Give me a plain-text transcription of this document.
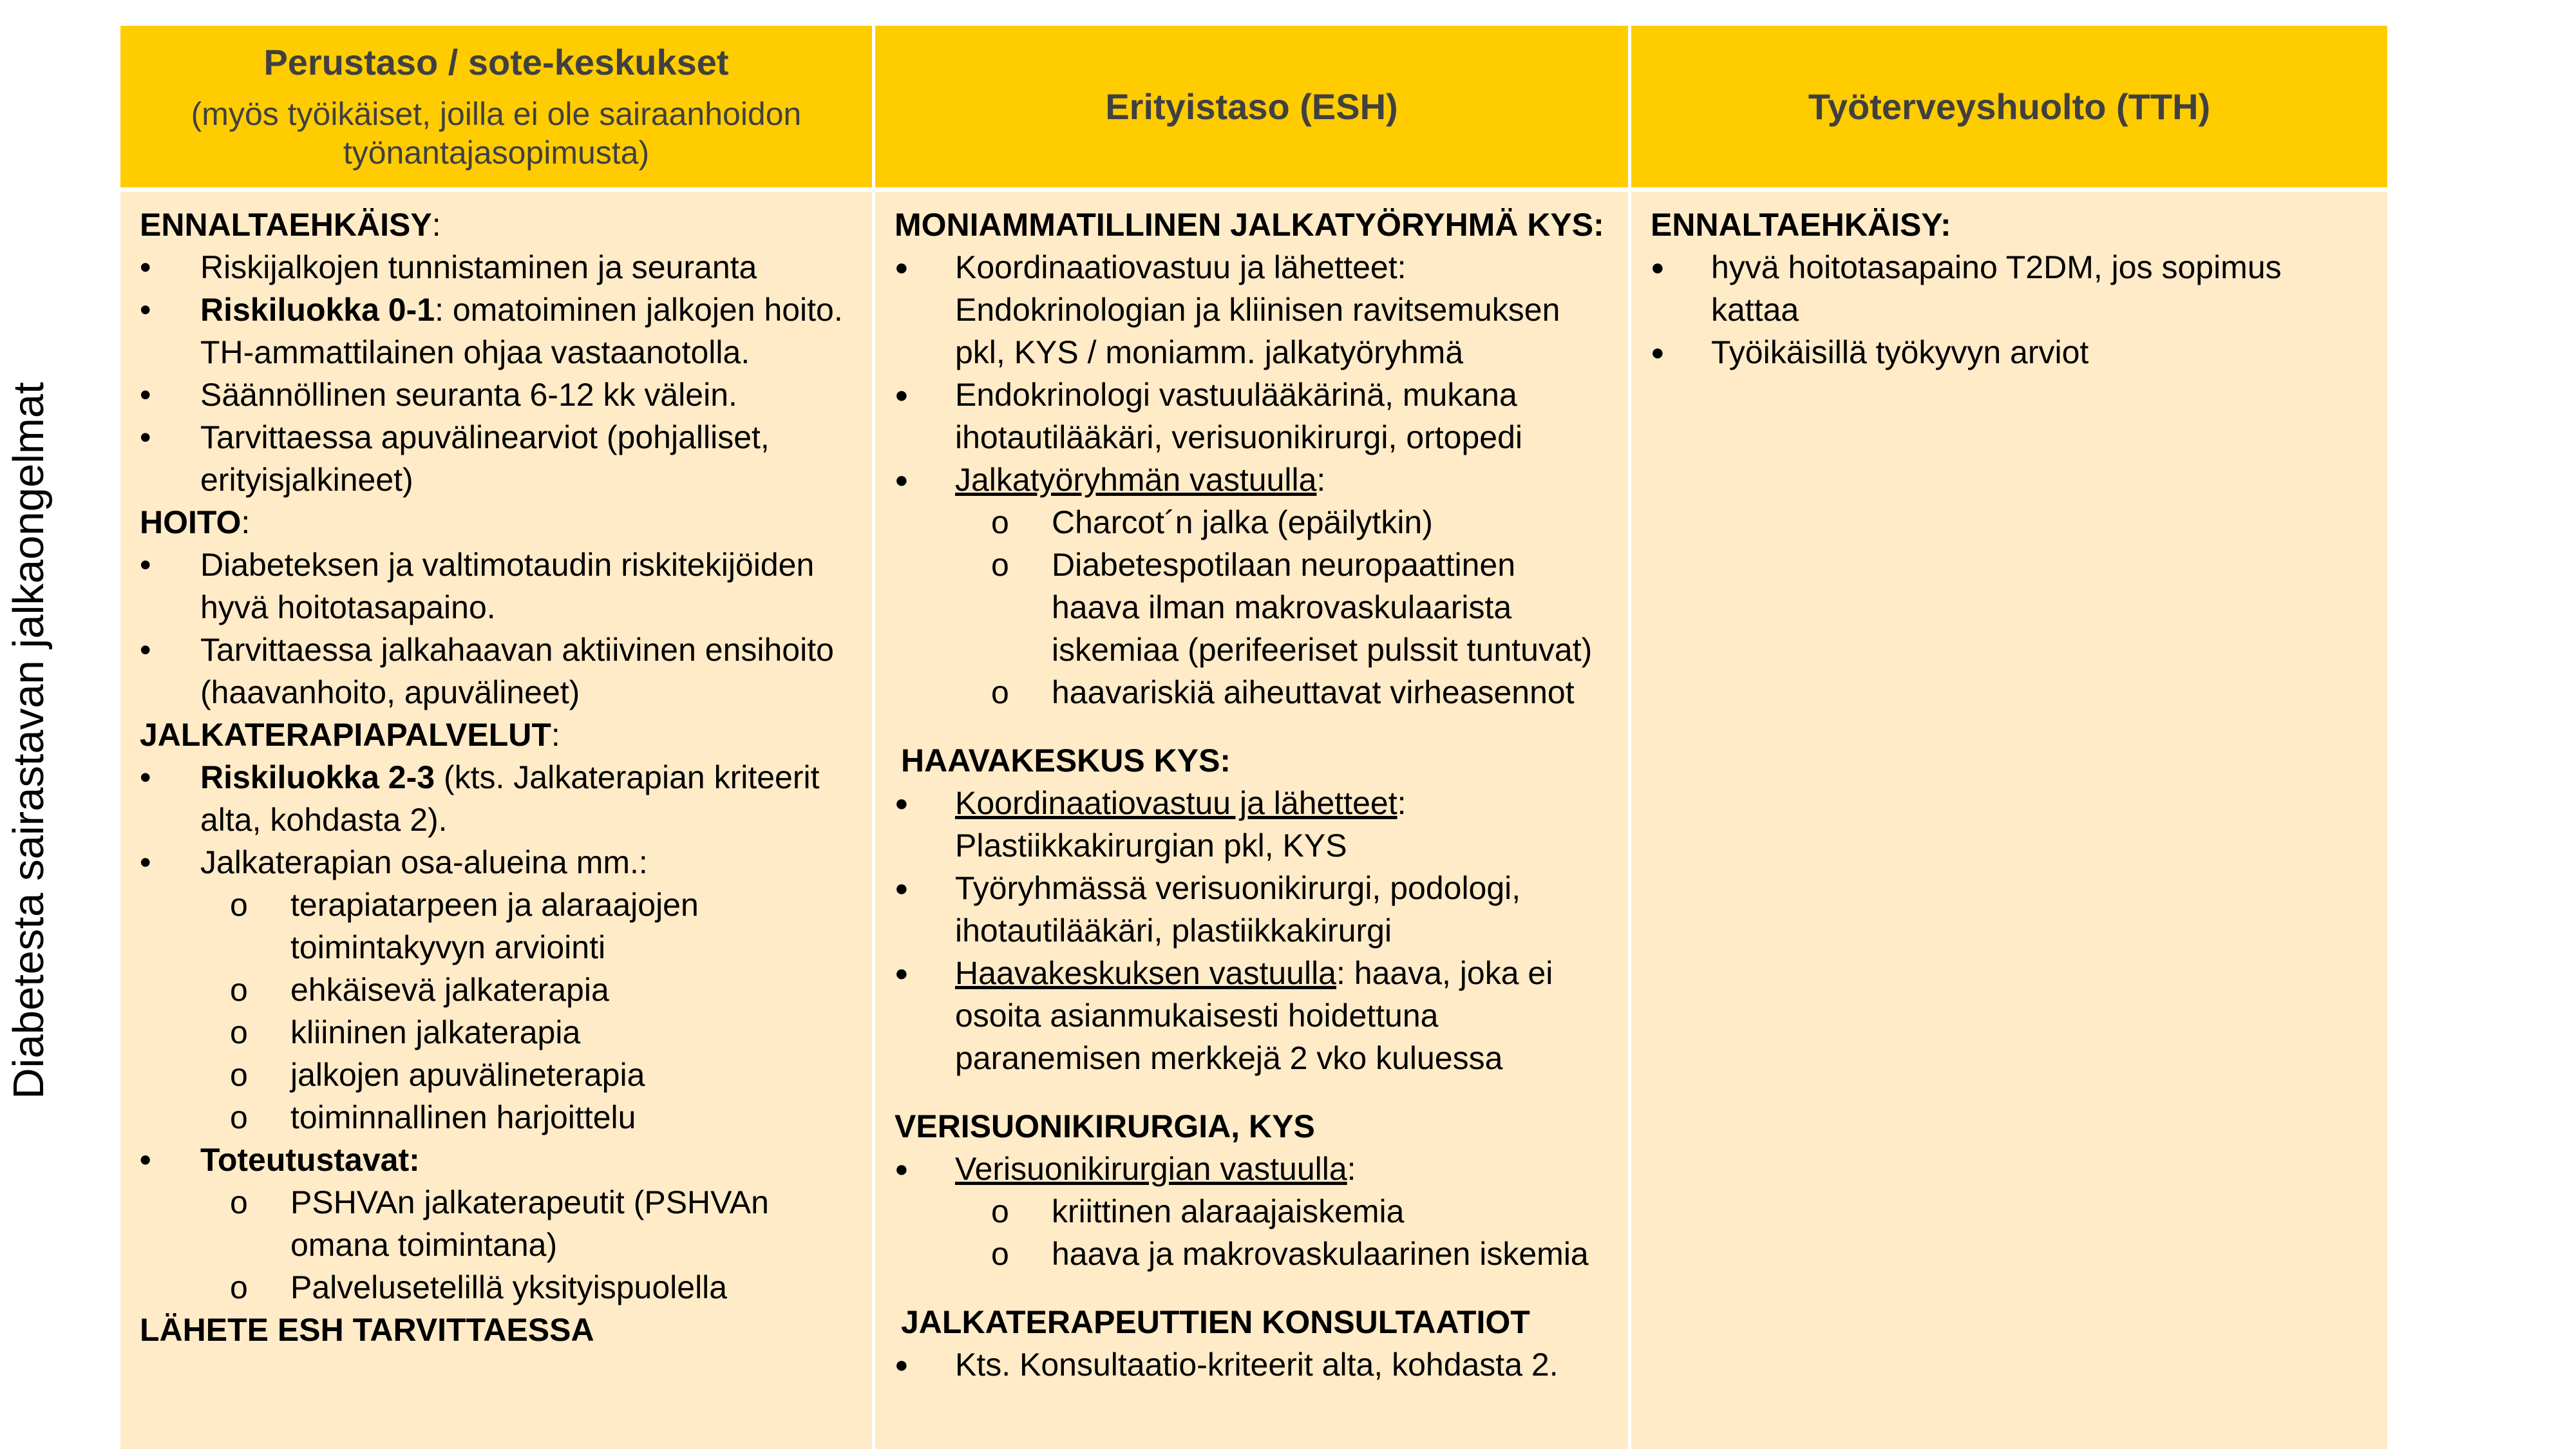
Diabetesta sairastavan jalkaongelmat
Perustaso / sote-keskukset
(myös työikäiset, joilla ei ole sairaanhoidon työnantajasopimusta)
Erityistaso (ESH)	Työterveyshuolto (TTH)
ENNALTAEHKÄISY:
• Riskijalkojen tunnistaminen ja seuranta
• Riskiluokka 0-1: omatoiminen jalkojen hoito. TH-ammattilainen ohjaa vastaanotolla.
• Säännöllinen seuranta 6-12 kk välein.
• Tarvittaessa apuvälinearviot (pohjalliset, erityisjalkineet)
HOITO:
• Diabeteksen ja valtimotaudin riskitekijöiden hyvä hoitotasapaino.
• Tarvittaessa jalkahaavan aktiivinen ensihoito (haavanhoito, apuvälineet)
JALKATERAPIAPALVELUT:
• Riskiluokka 2-3 (kts. Jalkaterapian kriteerit alta, kohdasta 2).
• Jalkaterapian osa-alueina mm.:
o terapiatarpeen ja alaraajojen toimintakyvyn arviointi
o ehkäisevä jalkaterapia
o kliininen jalkaterapia
o jalkojen apuvälineterapia
o toiminnallinen harjoittelu
• Toteutustavat:
o PSHVAn jalkaterapeutit (PSHVAn omana toimintana)
o Palvelusetelillä yksityispuolella
LÄHETE ESH TARVITTAESSA
MONIAMMATILLINEN JALKATYÖRYHMÄ KYS:
● Koordinaatiovastuu ja lähetteet: Endokrinologian ja kliinisen ravitsemuksen pkl, KYS / moniamm. jalkatyöryhmä
● Endokrinologi vastuulääkärinä, mukana ihotautilääkäri, verisuonikirurgi, ortopedi
● Jalkatyöryhmän vastuulla:
o Charcot´n jalka (epäilytkin)
o Diabetespotilaan neuropaattinen haava ilman makrovaskulaarista iskemiaa (perifeeriset pulssit tuntuvat)
o haavariskiä aiheuttavat virheasennot
HAAVAKESKUS KYS:
● Koordinaatiovastuu ja lähetteet: Plastiikkakirurgian pkl, KYS
● Työryhmässä verisuonikirurgi, podologi, ihotautilääkäri, plastiikkakirurgi
● Haavakeskuksen vastuulla: haava, joka ei osoita asianmukaisesti hoidettuna paranemisen merkkejä 2 vko kuluessa
VERISUONIKIRURGIA, KYS
● Verisuonikirurgian vastuulla:
o kriittinen alaraajaiskemia
o haava ja makrovaskulaarinen iskemia
JALKATERAPEUTTIEN KONSULTAATIOT
● Kts. Konsultaatio-kriteerit alta, kohdasta 2.
ENNALTAEHKÄISY:
● hyvä hoitotasapaino T2DM, jos sopimus kattaa
● Työikäisillä työkyvyn arviot
